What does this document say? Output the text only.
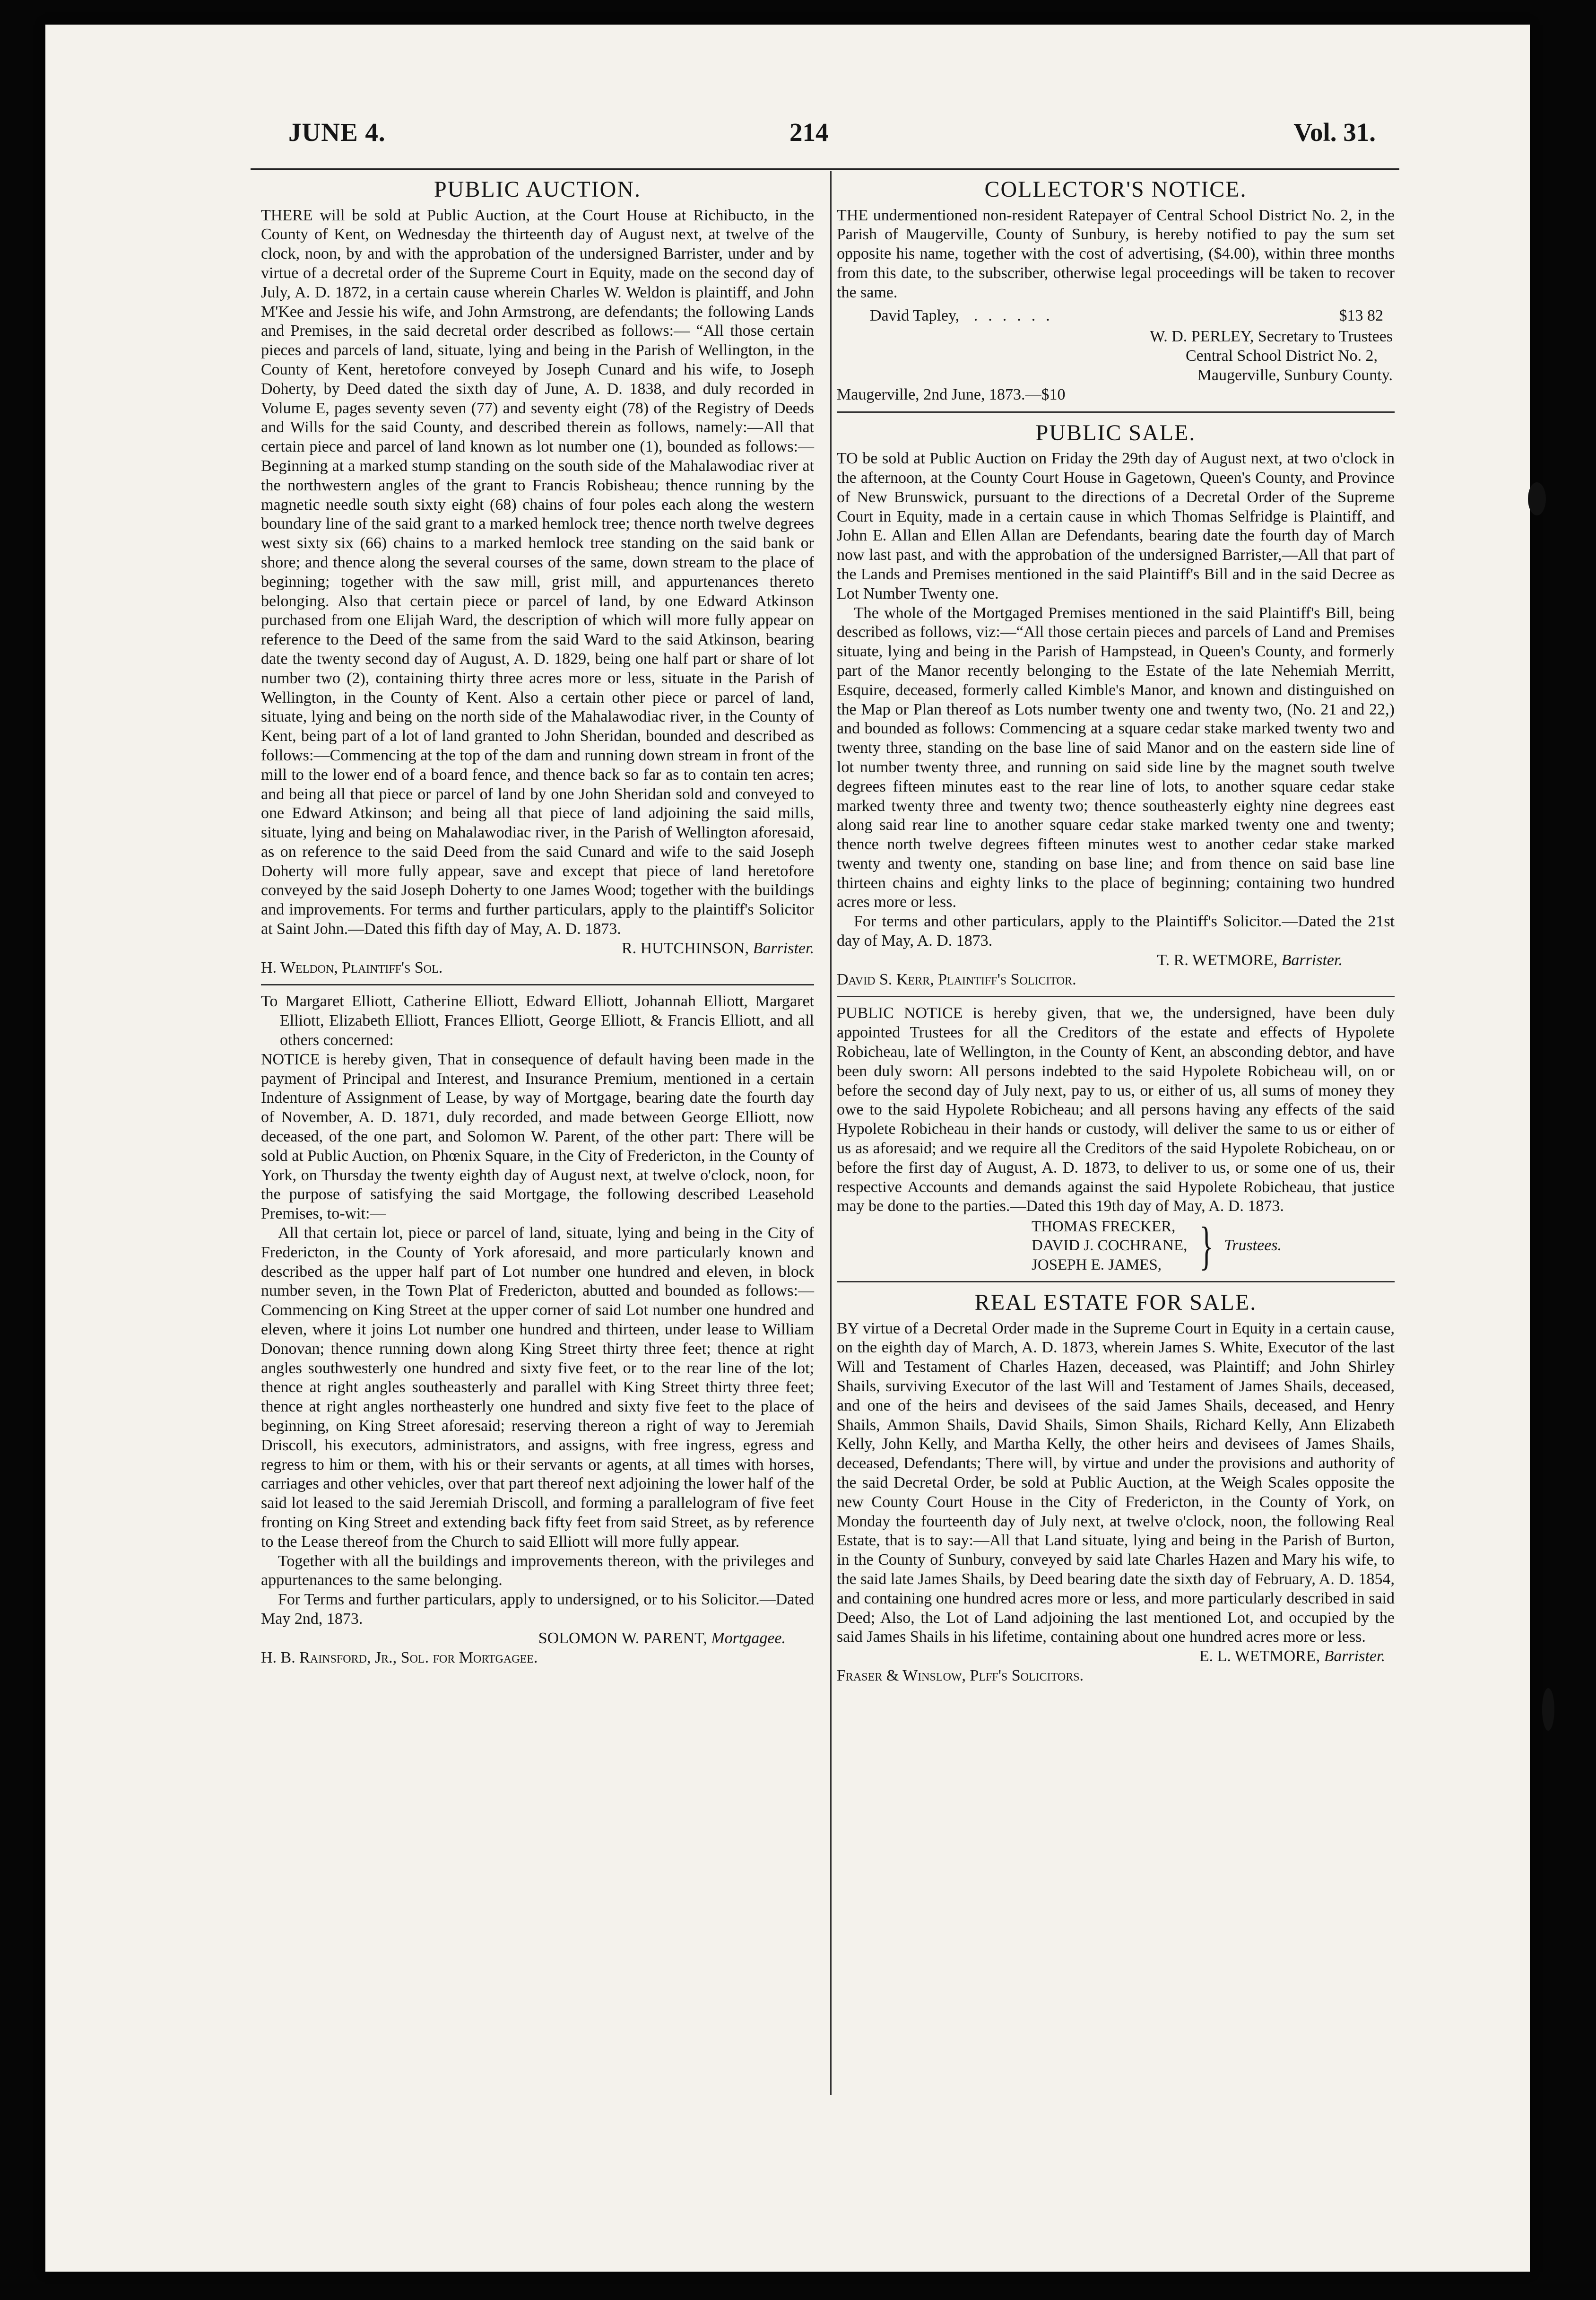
JUNE 4.	214	Vol. 31.
PUBLIC AUCTION.

THERE will be sold at Public Auction, at the Court House at Richibucto, in the County of Kent, on Wednesday the thirteenth day of August next, at twelve of the clock, noon, by and with the approbation of the undersigned Barrister, under and by virtue of a decretal order of the Supreme Court in Equity, made on the second day of July, A. D. 1872, in a certain cause wherein Charles W. Weldon is plaintiff, and John M'Kee and Jessie his wife, and John Armstrong, are defendants; the following Lands and Premises, in the said decretal order described as follows:— “All those certain pieces and parcels of land, situate, lying and being in the Parish of Wellington, in the County of Kent, heretofore conveyed by Joseph Cunard and his wife, to Joseph Doherty, by Deed dated the sixth day of June, A. D. 1838, and duly recorded in Volume E, pages seventy seven (77) and seventy eight (78) of the Registry of Deeds and Wills for the said County, and described therein as follows, namely:—All that certain piece and parcel of land known as lot number one (1), bounded as follows:—Beginning at a marked stump standing on the south side of the Mahalawodiac river at the northwestern angles of the grant to Francis Robisheau; thence running by the magnetic needle south sixty eight (68) chains of four poles each along the western boundary line of the said grant to a marked hemlock tree; thence north twelve degrees west sixty six (66) chains to a marked hemlock tree standing on the said bank or shore; and thence along the several courses of the same, down stream to the place of beginning; together with the saw mill, grist mill, and appurtenances thereto belonging. Also that certain piece or parcel of land, by one Edward Atkinson purchased from one Elijah Ward, the description of which will more fully appear on reference to the Deed of the same from the said Ward to the said Atkinson, bearing date the twenty second day of August, A. D. 1829, being one half part or share of lot number two (2), containing thirty three acres more or less, situate in the Parish of Wellington, in the County of Kent. Also a certain other piece or parcel of land, situate, lying and being on the north side of the Mahalawodiac river, in the County of Kent, being part of a lot of land granted to John Sheridan, bounded and described as follows:—Commencing at the top of the dam and running down stream in front of the mill to the lower end of a board fence, and thence back so far as to contain ten acres; and being all that piece or parcel of land by one John Sheridan sold and conveyed to one Edward Atkinson; and being all that piece of land adjoining the said mills, situate, lying and being on Mahalawodiac river, in the Parish of Wellington aforesaid, as on reference to the said Deed from the said Cunard and wife to the said Joseph Doherty will more fully appear, save and except that piece of land heretofore conveyed by the said Joseph Doherty to one James Wood; together with the buildings and improvements. For terms and further particulars, apply to the plaintiff's Solicitor at Saint John.—Dated this fifth day of May, A. D. 1873.

R. HUTCHINSON, Barrister.
H. Weldon, Plaintiff's Sol.

To Margaret Elliott, Catherine Elliott, Edward Elliott, Johannah Elliott, Margaret Elliott, Elizabeth Elliott, Frances Elliott, George Elliott, & Francis Elliott, and all others concerned:

NOTICE is hereby given, That in consequence of default having been made in the payment of Principal and Interest, and Insurance Premium, mentioned in a certain Indenture of Assignment of Lease, by way of Mortgage, bearing date the fourth day of November, A. D. 1871, duly recorded, and made between George Elliott, now deceased, of the one part, and Solomon W. Parent, of the other part: There will be sold at Public Auction, on Phœnix Square, in the City of Fredericton, in the County of York, on Thursday the twenty eighth day of August next, at twelve o'clock, noon, for the purpose of satisfying the said Mortgage, the following described Leasehold Premises, to-wit:—

All that certain lot, piece or parcel of land, situate, lying and being in the City of Fredericton, in the County of York aforesaid, and more particularly known and described as the upper half part of Lot number one hundred and eleven, in block number seven, in the Town Plat of Fredericton, abutted and bounded as follows:—Commencing on King Street at the upper corner of said Lot number one hundred and eleven, where it joins Lot number one hundred and thirteen, under lease to William Donovan; thence running down along King Street thirty three feet; thence at right angles southwesterly one hundred and sixty five feet, or to the rear line of the lot; thence at right angles southeasterly and parallel with King Street thirty three feet; thence at right angles northeasterly one hundred and sixty five feet to the place of beginning, on King Street aforesaid; reserving thereon a right of way to Jeremiah Driscoll, his executors, administrators, and assigns, with free ingress, egress and regress to him or them, with his or their servants or agents, at all times with horses, carriages and other vehicles, over that part thereof next adjoining the lower half of the said lot leased to the said Jeremiah Driscoll, and forming a parallelogram of five feet fronting on King Street and extending back fifty feet from said Street, as by reference to the Lease thereof from the Church to said Elliott will more fully appear.

Together with all the buildings and improvements thereon, with the privileges and appurtenances to the same belonging.

For Terms and further particulars, apply to undersigned, or to his Solicitor.—Dated May 2nd, 1873.

SOLOMON W. PARENT, Mortgagee.
H. B. Rainsford, Jr., Sol. for Mortgagee.
COLLECTOR'S NOTICE.

THE undermentioned non-resident Ratepayer of Central School District No. 2, in the Parish of Maugerville, County of Sunbury, is hereby notified to pay the sum set opposite his name, together with the cost of advertising, ($4.00), within three months from this date, to the subscriber, otherwise legal proceedings will be taken to recover the same.

David Tapley, ......	$13 82
W. D. PERLEY, Secretary to Trustees
Central School District No. 2,
Maugerville, Sunbury County.
Maugerville, 2nd June, 1873.—$10
PUBLIC SALE.

TO be sold at Public Auction on Friday the 29th day of August next, at two o'clock in the afternoon, at the County Court House in Gagetown, Queen's County, and Province of New Brunswick, pursuant to the directions of a Decretal Order of the Supreme Court in Equity, made in a certain cause in which Thomas Selfridge is Plaintiff, and John E. Allan and Ellen Allan are Defendants, bearing date the fourth day of March now last past, and with the approbation of the undersigned Barrister,—All that part of the Lands and Premises mentioned in the said Plaintiff's Bill and in the said Decree as Lot Number Twenty one.

The whole of the Mortgaged Premises mentioned in the said Plaintiff's Bill, being described as follows, viz:—“All those certain pieces and parcels of Land and Premises situate, lying and being in the Parish of Hampstead, in Queen's County, and formerly part of the Manor recently belonging to the Estate of the late Nehemiah Merritt, Esquire, deceased, formerly called Kimble's Manor, and known and distinguished on the Map or Plan thereof as Lots number twenty one and twenty two, (No. 21 and 22,) and bounded as follows: Commencing at a square cedar stake marked twenty two and twenty three, standing on the base line of said Manor and on the eastern side line of lot number twenty three, and running on said side line by the magnet south twelve degrees fifteen minutes east to the rear line of lots, to another square cedar stake marked twenty three and twenty two; thence southeasterly eighty nine degrees east along said rear line to another square cedar stake marked twenty one and twenty; thence north twelve degrees fifteen minutes west to another cedar stake marked twenty and twenty one, standing on base line; and from thence on said base line thirteen chains and eighty links to the place of beginning; containing two hundred acres more or less.

For terms and other particulars, apply to the Plaintiff's Solicitor.—Dated the 21st day of May, A. D. 1873.

T. R. WETMORE, Barrister.
David S. Kerr, Plaintiff's Solicitor.

PUBLIC NOTICE is hereby given, that we, the undersigned, have been duly appointed Trustees for all the Creditors of the estate and effects of Hypolete Robicheau, late of Wellington, in the County of Kent, an absconding debtor, and have been duly sworn: All persons indebted to the said Hypolete Robicheau will, on or before the second day of July next, pay to us, or either of us, all sums of money they owe to the said Hypolete Robicheau; and all persons having any effects of the said Hypolete Robicheau in their hands or custody, will deliver the same to us or either of us as aforesaid; and we require all the Creditors of the said Hypolete Robicheau, on or before the first day of August, A. D. 1873, to deliver to us, or some one of us, their respective Accounts and demands against the said Hypolete Robicheau, that justice may be done to the parties.—Dated this 19th day of May, A. D. 1873.

THOMAS FRECKER,
DAVID J. COCHRANE,
JOSEPH E. JAMES, } Trustees.
REAL ESTATE FOR SALE.

BY virtue of a Decretal Order made in the Supreme Court in Equity in a certain cause, on the eighth day of March, A. D. 1873, wherein James S. White, Executor of the last Will and Testament of Charles Hazen, deceased, was Plaintiff; and John Shirley Shails, surviving Executor of the last Will and Testament of James Shails, deceased, and one of the heirs and devisees of the said James Shails, deceased, and Henry Shails, Ammon Shails, David Shails, Simon Shails, Richard Kelly, Ann Elizabeth Kelly, John Kelly, and Martha Kelly, the other heirs and devisees of James Shails, deceased, Defendants; There will, by virtue and under the provisions and authority of the said Decretal Order, be sold at Public Auction, at the Weigh Scales opposite the new County Court House in the City of Fredericton, in the County of York, on Monday the fourteenth day of July next, at twelve o'clock, noon, the following Real Estate, that is to say:—All that Land situate, lying and being in the Parish of Burton, in the County of Sunbury, conveyed by said late Charles Hazen and Mary his wife, to the said late James Shails, by Deed bearing date the sixth day of February, A. D. 1854, and containing one hundred acres more or less, and more particularly described in said Deed; Also, the Lot of Land adjoining the last mentioned Lot, and occupied by the said James Shails in his lifetime, containing about one hundred acres more or less.

E. L. WETMORE, Barrister.
Fraser & Winslow, Plff's Solicitors.
